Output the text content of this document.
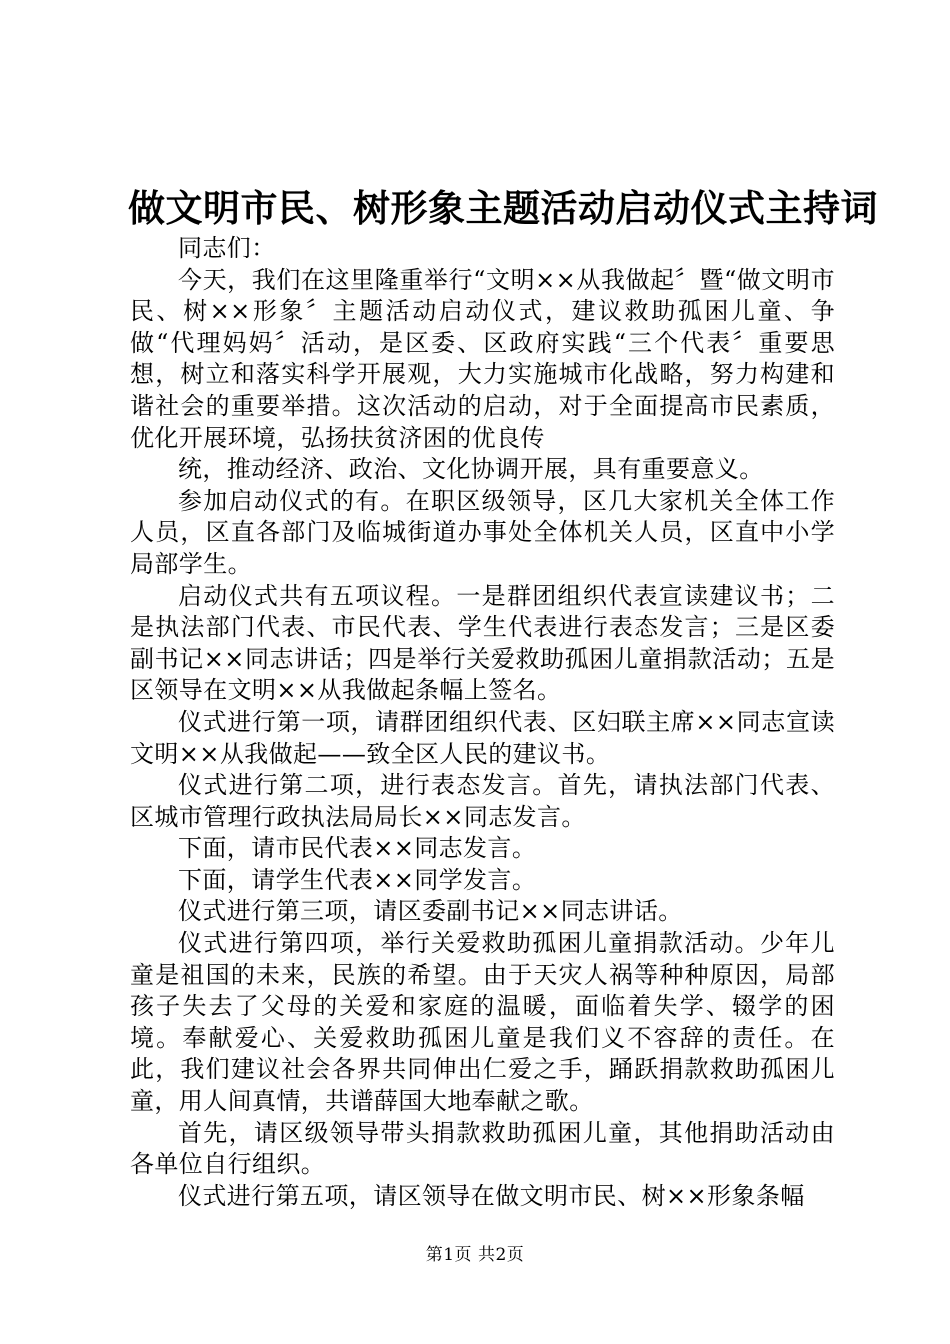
做文明市民、树形象主题活动启动仪式主持词

同志们：

今天，我们在这里隆重举行“文明××从我做起〞暨“做文明市民、树××形象〞主题活动启动仪式，建议救助孤困儿童、争做“代理妈妈〞活动，是区委、区政府实践“三个代表〞重要思想，树立和落实科学开展观，大力实施城市化战略，努力构建和谐社会的重要举措。这次活动的启动，对于全面提高市民素质，优化开展环境，弘扬扶贫济困的优良传

统，推动经济、政治、文化协调开展，具有重要意义。

参加启动仪式的有。在职区级领导，区几大家机关全体工作人员，区直各部门及临城街道办事处全体机关人员，区直中小学局部学生。

启动仪式共有五项议程。一是群团组织代表宣读建议书；二是执法部门代表、市民代表、学生代表进行表态发言；三是区委副书记××同志讲话；四是举行关爱救助孤困儿童捐款活动；五是区领导在文明××从我做起条幅上签名。

仪式进行第一项，请群团组织代表、区妇联主席××同志宣读文明××从我做起——致全区人民的建议书。

仪式进行第二项，进行表态发言。首先，请执法部门代表、区城市管理行政执法局局长××同志发言。

下面，请市民代表××同志发言。

下面，请学生代表××同学发言。

仪式进行第三项，请区委副书记××同志讲话。

仪式进行第四项，举行关爱救助孤困儿童捐款活动。少年儿童是祖国的未来，民族的希望。由于天灾人祸等种种原因，局部孩子失去了父母的关爱和家庭的温暖，面临着失学、辍学的困境。奉献爱心、关爱救助孤困儿童是我们义不容辞的责任。在此，我们建议社会各界共同伸出仁爱之手，踊跃捐款救助孤困儿童，用人间真情，共谱薛国大地奉献之歌。

首先，请区级领导带头捐款救助孤困儿童，其他捐助活动由各单位自行组织。

仪式进行第五项，请区领导在做文明市民、树××形象条幅

第1页 共2页
